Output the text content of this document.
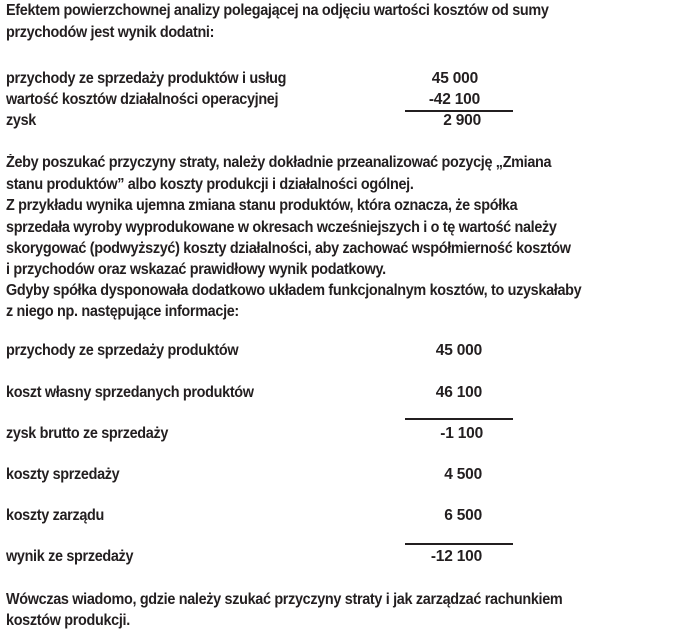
Efektem powierzchownej analizy polegającej na odjęciu wartości kosztów od sumy
przychodów jest wynik dodatni:
przychody ze sprzedaży produktów i usług	45 000
wartość kosztów działalności operacyjnej	-42 100
zysk	2 900
Żeby poszukać przyczyny straty, należy dokładnie przeanalizować pozycję „Zmiana
stanu produktów” albo koszty produkcji i działalności ogólnej.
Z przykładu wynika ujemna zmiana stanu produktów, która oznacza, że spółka
sprzedała wyroby wyprodukowane w okresach wcześniejszych i o tę wartość należy
skorygować (podwyższyć) koszty działalności, aby zachować współmierność kosztów
i przychodów oraz wskazać prawidłowy wynik podatkowy.
Gdyby spółka dysponowała dodatkowo układem funkcjonalnym kosztów, to uzyskałaby
z niego np. następujące informacje:
przychody ze sprzedaży produktów	45 000
koszt własny sprzedanych produktów	46 100
zysk brutto ze sprzedaży	-1 100
koszty sprzedaży	4 500
koszty zarządu	6 500
wynik ze sprzedaży	-12 100
Wówczas wiadomo, gdzie należy szukać przyczyny straty i jak zarządzać rachunkiem
kosztów produkcji.
